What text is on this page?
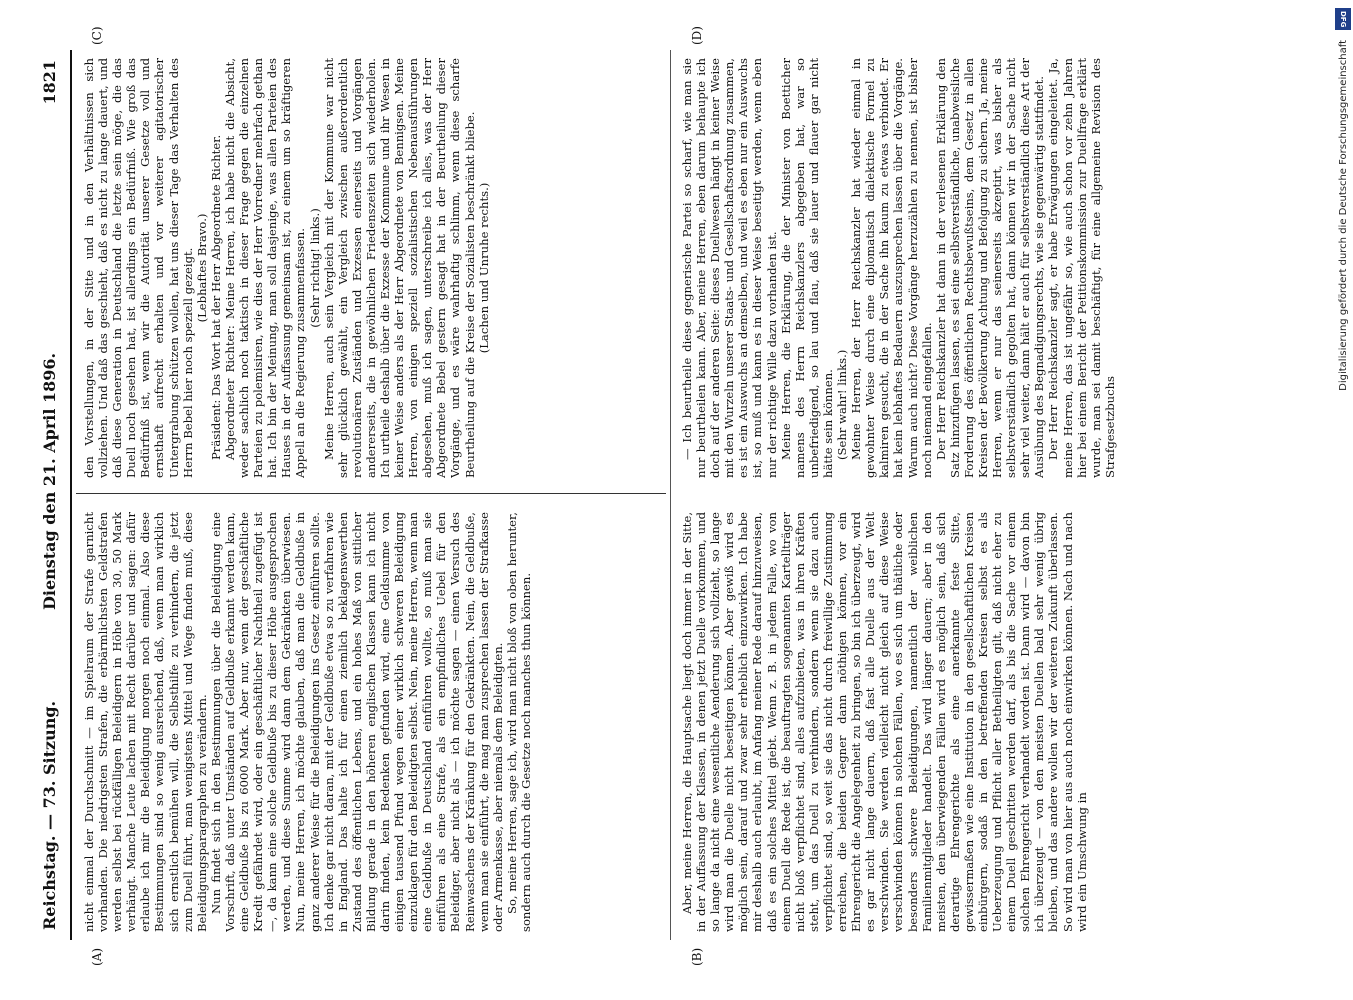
DFG
Digitalisierung gefördert durch die Deutsche Forschungsgemeinschaft
Reichstag. — 73. Sitzung.
Dienstag den 21. April 1896.
1821

nicht einmal der Durchschnitt — im Spielraum der Strafe garnicht vorhanden. Die niedrigsten Strafen, die erbärmlichsten Geldstrafen werden selbst bei rückfälligen Beleidigern in Höhe von 30, 50 Mark verhängt. Manche Leute lachen mit Recht darüber und sagen: dafür erlaube ich mir die Beleidigung morgen noch einmal. Also diese Bestimmungen sind so wenig ausreichend, daß, wenn man wirklich sich ernstlich bemühen will, die Selbsthilfe zu verhindern, die jetzt zum Duell führt, man wenigstens Mittel und Wege finden muß, diese Beleidigungsparagraphen zu verändern. Nun findet sich in den Bestimmungen über die Beleidigung eine Vorschrift, daß unter Umständen auf Geldbuße erkannt werden kann, eine Geldbuße bis zu 6000 Mark. Aber nur, wenn der geschäftliche Kredit gefährdet wird, oder ein geschäftlicher Nachtheil zugefügt ist —, da kann eine solche Geldbuße bis zu dieser Höhe ausgesprochen werden, und diese Summe wird dann dem Gekränkten überwiesen. Nun, meine Herren, ich möchte glauben, daß man die Geldbuße in ganz anderer Weise für die Beleidigungen ins Gesetz einführen sollte. Ich denke gar nicht daran, mit der Geldbuße etwa so zu verfahren wie in England. Das halte ich für einen ziemlich beklagenswerthen Zustand des öffentlichen Lebens, und ein hohes Maß von sittlicher Bildung gerade in den höheren englischen Klassen kann ich nicht darin finden, kein Bedenken gefunden wird, eine Geldsumme von einigen tausend Pfund wegen einer wirklich schweren Beleidigung einzuklagen für den Beleidigten selbst. Nein, meine Herren, wenn man eine Geldbuße in Deutschland einführen wollte, so muß man sie einführen als eine Strafe, als ein empfindliches Uebel für den Beleidiger, aber nicht als — ich möchte sagen — einen Versuch des Reinwaschens der Kränkung für den Gekränkten. Nein, die Geldbuße, wenn man sie einführt, die mag man zusprechen lassen der Strafkasse oder Armenkasse, aber niemals dem Beleidigten. So, meine Herren, sage ich, wird man nicht bloß von oben herunter, sondern auch durch die Gesetze noch manches thun können.

den Vorstellungen, in der Sitte und in den Verhältnissen sich vollziehen. Und daß das geschieht, daß es nicht zu lange dauert, und daß diese Generation in Deutschland die letzte sein möge, die das Duell noch gesehen hat, ist allerdings ein Bedürfniß. Wie groß das Bedürfniß ist, wenn wir die Autorität unserer Gesetze voll und ernsthaft aufrecht erhalten und vor weiterer agitatorischer Untergrabung schützen wollen, hat uns dieser Tage das Verhalten des Herrn Bebel hier noch speziell gezeigt. (Lebhaftes Bravo.) Präsident: Das Wort hat der Herr Abgeordnete Richter. Abgeordneter Richter: Meine Herren, ich habe nicht die Absicht, weder sachlich noch taktisch in dieser Frage gegen die einzelnen Parteien zu polemisiren, wie dies der Herr Vorredner mehrfach gethan hat. Ich bin der Meinung, man soll dasjenige, was allen Parteien des Hauses in der Auffassung gemeinsam ist, zu einem um so kräftigeren Appell an die Regierung zusammenfassen. (Sehr richtig! links.) Meine Herren, auch sein Vergleich mit der Kommune war nicht sehr glücklich gewählt, ein Vergleich zwischen außerordentlich revolutionären Zuständen und Exzessen einerseits und Vorgängen andererseits, die in gewöhnlichen Friedenszeiten sich wiederholen. Ich urtheile deshalb über die Exzesse der Kommune und ihr Wesen in keiner Weise anders als der Herr Abgeordnete von Bennigsen. Meine Herren, von einigen speziell sozialistischen Nebenausführungen abgesehen, muß ich sagen, unterschreibe ich alles, was der Herr Abgeordnete Bebel gestern gesagt hat in der Beurtheilung dieser Vorgänge, und es wäre wahrhaftig schlimm, wenn diese scharfe Beurtheilung auf die Kreise der Sozialisten beschränkt bliebe. (Lachen und Unruhe rechts.)

Aber, meine Herren, die Hauptsache liegt doch immer in der Sitte, in der Auffassung der Klassen, in denen jetzt Duelle vorkommen, und so lange da nicht eine wesentliche Aenderung sich vollzieht, so lange wird man die Duelle nicht beseitigen können. Aber gewiß wird es möglich sein, darauf und zwar sehr erheblich einzuwirken. Ich habe mir deshalb auch erlaubt, im Anfang meiner Rede darauf hinzuweisen, daß es ein solches Mittel giebt. Wenn z. B. in jedem Falle, wo von einem Duell die Rede ist, die beauftragten sogenannten Kartellträger nicht bloß verpflichtet sind, alles aufzubieten, was in ihren Kräften steht, um das Duell zu verhindern, sondern wenn sie dazu auch verpflichtet sind, so weit sie das nicht durch freiwillige Zustimmung erreichen, die beiden Gegner dann nöthigen können, vor ein Ehrengericht die Angelegenheit zu bringen, so bin ich überzeugt, wird es gar nicht lange dauern, daß fast alle Duelle aus der Welt verschwinden. Sie werden vielleicht nicht gleich auf diese Weise verschwinden können in solchen Fällen, wo es sich um thätliche oder besonders schwere Beleidigungen, namentlich der weiblichen Familienmitglieder handelt. Das wird länger dauern; aber in den meisten, den überwiegenden Fällen wird es möglich sein, daß sich derartige Ehrengerichte als eine anerkannte feste Sitte, gewissermaßen wie eine Institution in den gesellschaftlichen Kreisen einbürgern, sodaß in den betreffenden Kreisen selbst es als Ueberzeugung und Pflicht aller Betheiligten gilt, daß nicht eher zu einem Duell geschritten werden darf, als bis die Sache vor einem solchen Ehrengericht verhandelt worden ist. Dann wird — davon bin ich überzeugt — von den meisten Duellen bald sehr wenig übrig bleiben, und das andere wollen wir der weiteren Zukunft überlassen. So wird man von hier aus auch noch einwirken können. Nach und nach wird ein Umschwung in

— Ich beurtheile diese gegnerische Partei so scharf, wie man sie nur beurtheilen kann. Aber, meine Herren, eben darum behaupte ich doch auf der anderen Seite: dieses Duellwesen hängt in keiner Weise mit den Wurzeln unserer Staats- und Gesellschaftsordnung zusammen, es ist ein Auswuchs an demselben, und weil es eben nur ein Auswuchs ist, so muß und kann es in dieser Weise beseitigt werden, wenn eben nur der richtige Wille dazu vorhanden ist. Meine Herren, die Erklärung, die der Minister von Boetticher namens des Herrn Reichskanzlers abgegeben hat, war so unbefriedigend, so lau und flau, daß sie lauer und flauer gar nicht hätte sein können. (Sehr wahr! links.) Meine Herren, der Herr Reichskanzler hat wieder einmal in gewohnter Weise durch eine diplomatisch dialektische Formel zu kalmiren gesucht, die in der Sache ihn kaum zu etwas verbindet. Er hat kein lebhaftes Bedauern auszusprechen lassen über die Vorgänge. Warum auch nicht? Diese Vorgänge herzuzählen zu nennen, ist bisher noch niemand eingefallen. Der Herr Reichskanzler hat dann in der verlesenen Erklärung den Satz hinzufügen lassen, es sei eine selbstverständliche, unabweisliche Forderung des öffentlichen Rechtsbewußtseins, dem Gesetz in allen Kreisen der Bevölkerung Achtung und Befolgung zu sichern. Ja, meine Herren, wenn er nur das seinerseits akzeptirt, was bisher als selbstverständlich gegolten hat, dann können wir in der Sache nicht sehr viel weiter, dann hält er auch für selbstverständlich diese Art der Ausübung des Begnadigungsrechts, wie sie gegenwärtig stattfindet. Der Herr Reichskanzler sagt, er habe Erwägungen eingeleitet. Ja, meine Herren, das ist ungefähr so, wie auch schon vor zehn Jahren hier bei einem Bericht der Petitionskommission zur Duellfrage erklärt wurde, man sei damit beschäftigt, für eine allgemeine Revision des Strafgesetzbuchs

(A)	(B)
(C)	(D)
